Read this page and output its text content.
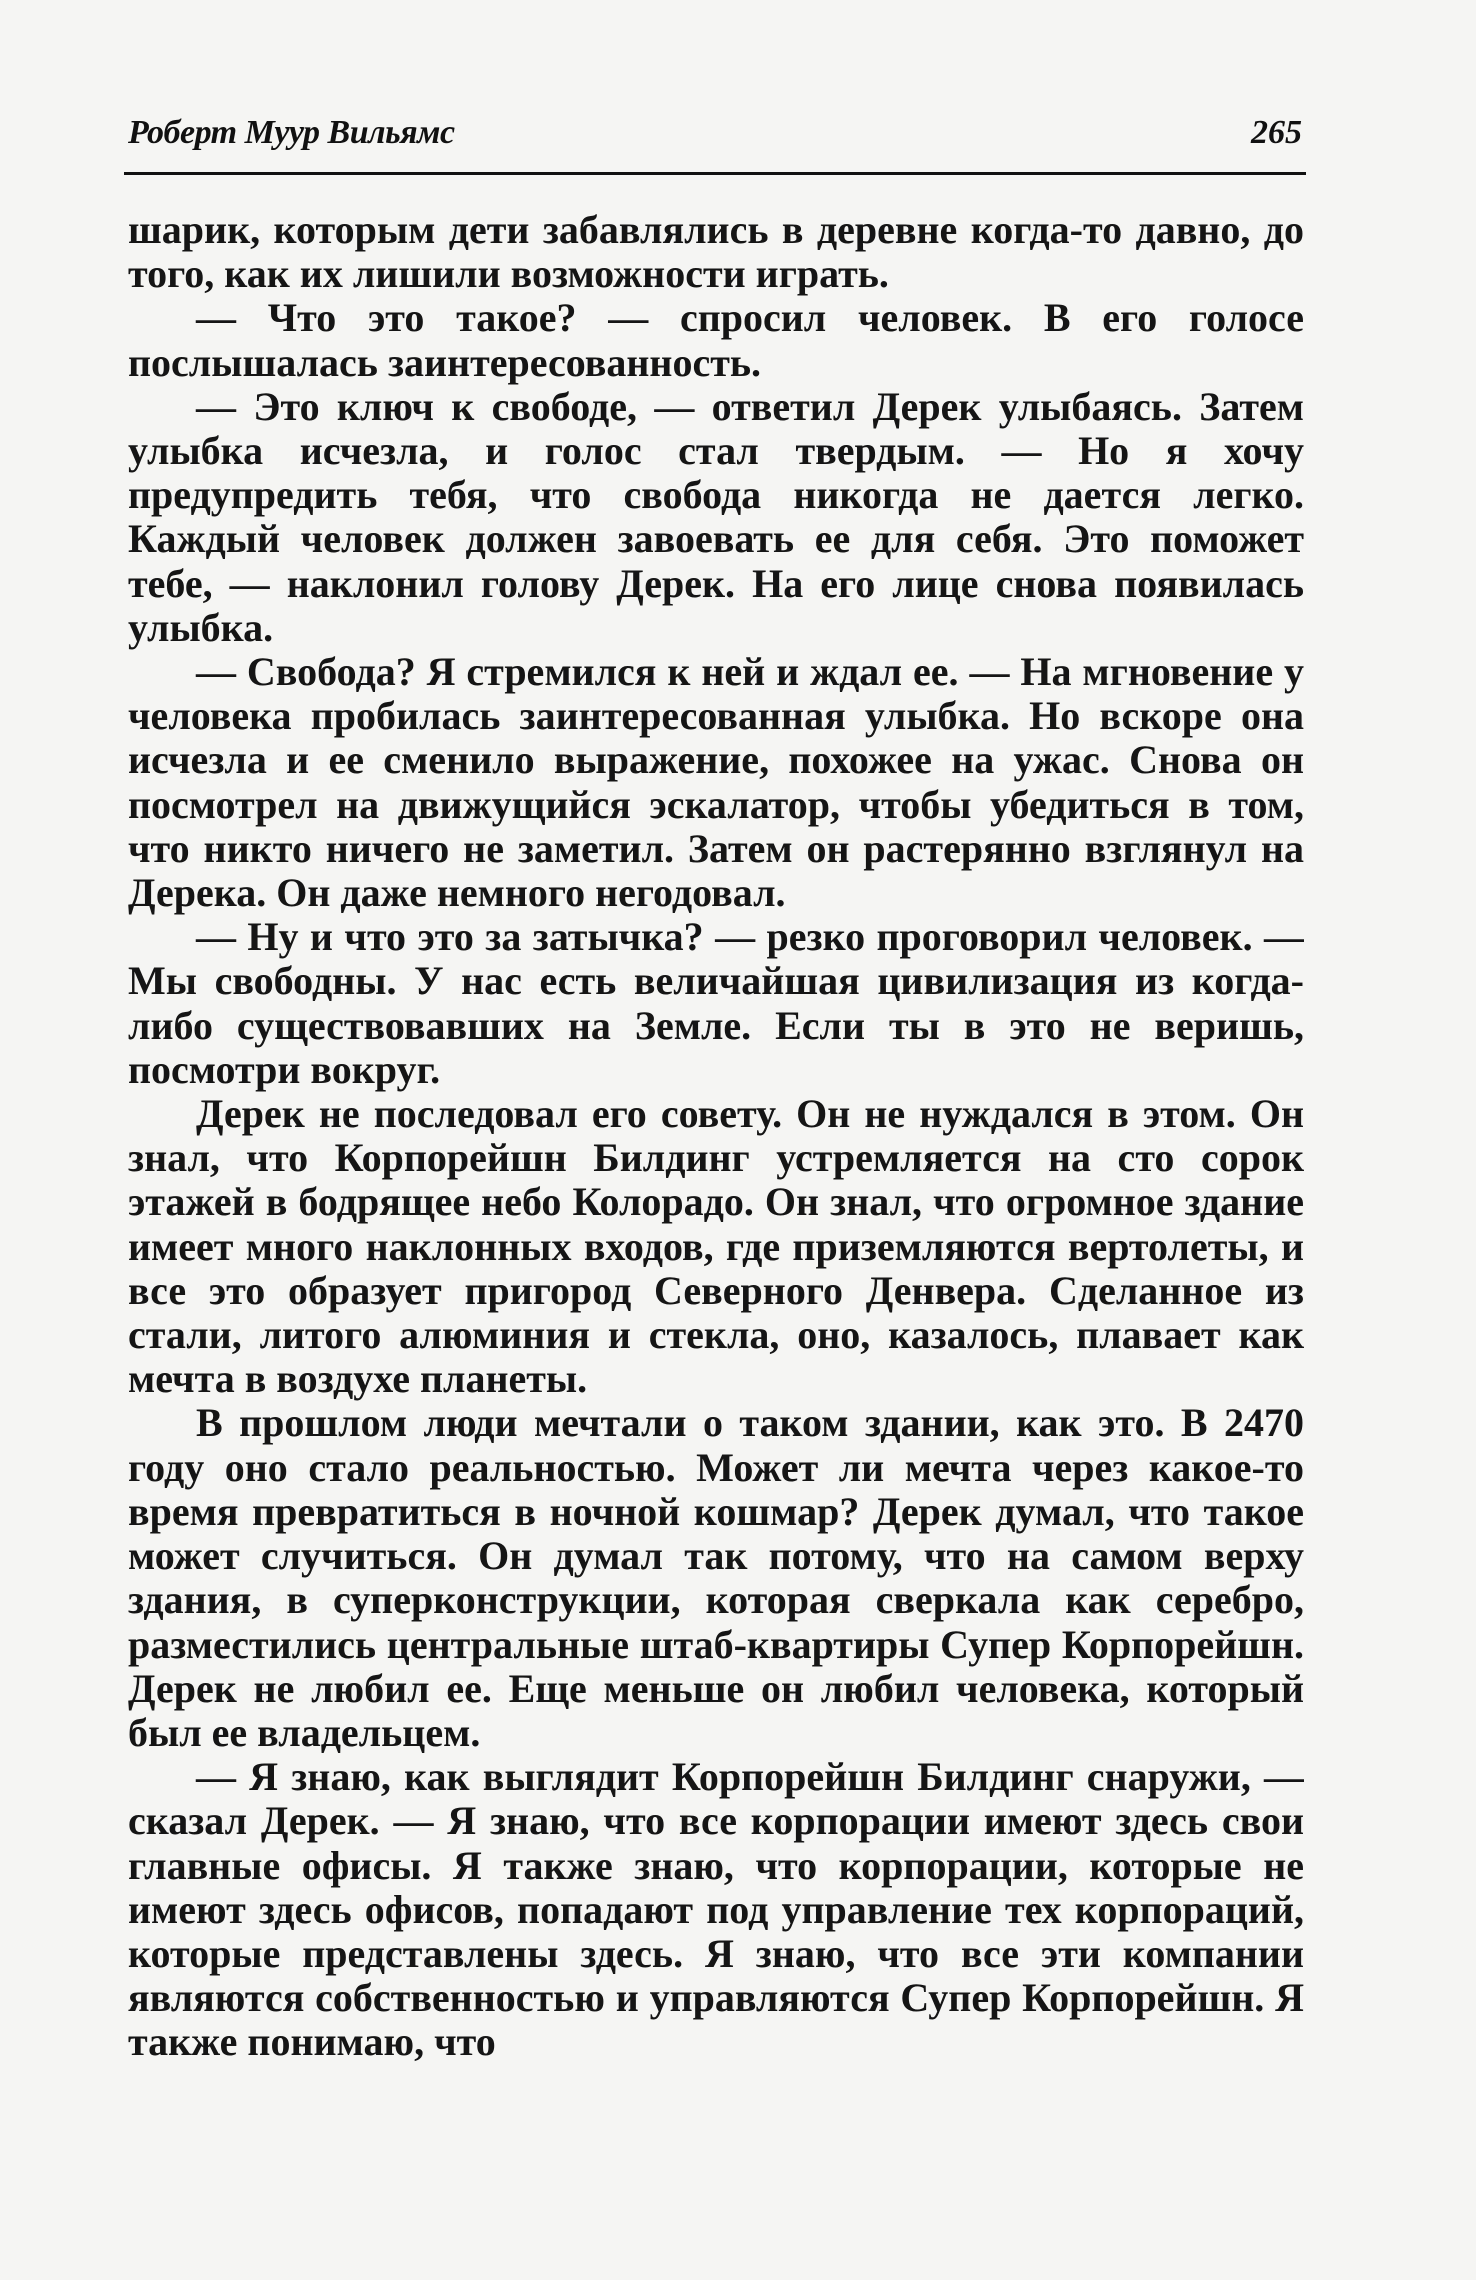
Роберт Муур Вильямс	265

шарик, которым дети забавлялись в деревне когда-то давно, до того, как их лишили возможности играть.

— Что это такое? — спросил человек. В его голосе послышалась заинтересованность.

— Это ключ к свободе, — ответил Дерек улыбаясь. Затем улыбка исчезла, и голос стал твердым. — Но я хочу предупредить тебя, что свобода никогда не дается легко. Каждый человек должен завоевать ее для себя. Это поможет тебе, — наклонил голову Дерек. На его лице снова появилась улыбка.

— Свобода? Я стремился к ней и ждал ее. — На мгновение у человека пробилась заинтересованная улыбка. Но вскоре она исчезла и ее сменило выражение, похожее на ужас. Снова он посмотрел на движущийся эскалатор, чтобы убедиться в том, что никто ничего не заметил. Затем он растерянно взглянул на Дерека. Он даже немного негодовал.

— Ну и что это за затычка? — резко проговорил человек. — Мы свободны. У нас есть величайшая цивилизация из когда-либо существовавших на Земле. Если ты в это не веришь, посмотри вокруг.

Дерек не последовал его совету. Он не нуждался в этом. Он знал, что Корпорейшн Билдинг устремляется на сто сорок этажей в бодрящее небо Колорадо. Он знал, что огромное здание имеет много наклонных входов, где приземляются вертолеты, и все это образует пригород Северного Денвера. Сделанное из стали, литого алюминия и стекла, оно, казалось, плавает как мечта в воздухе планеты.

В прошлом люди мечтали о таком здании, как это. В 2470 году оно стало реальностью. Может ли мечта через какое-то время превратиться в ночной кошмар? Дерек думал, что такое может случиться. Он думал так потому, что на самом верху здания, в суперконструкции, которая сверкала как серебро, разместились центральные штаб-квартиры Супер Корпорейшн. Дерек не любил ее. Еще меньше он любил человека, который был ее владельцем.

— Я знаю, как выглядит Корпорейшн Билдинг снаружи, — сказал Дерек. — Я знаю, что все корпорации имеют здесь свои главные офисы. Я также знаю, что корпорации, которые не имеют здесь офисов, попадают под управление тех корпораций, которые представлены здесь. Я знаю, что все эти компании являются собственностью и управляются Супер Корпорейшн. Я также понимаю, что
